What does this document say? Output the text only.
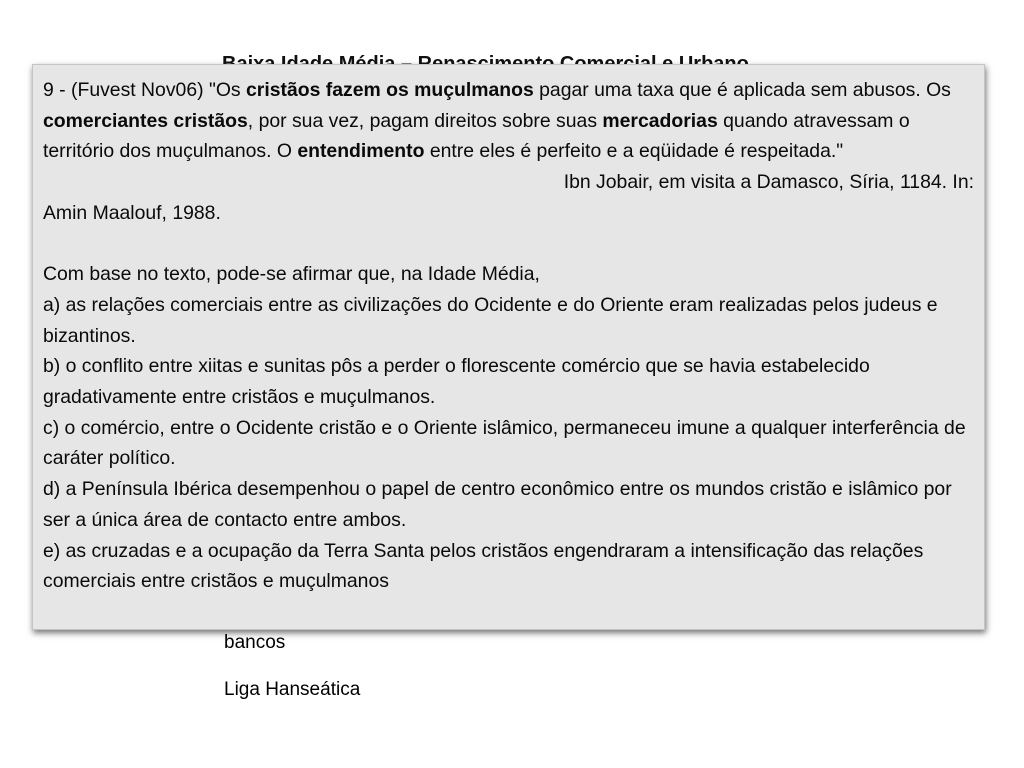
bancos
Liga Hanseática

9 - (Fuvest Nov06) "Os cristãos fazem os muçulmanos pagar uma taxa que é aplicada sem abusos. Os comerciantes cristãos, por sua vez, pagam direitos sobre suas mercadorias quando atravessam o território dos muçulmanos. O entendimento entre eles é perfeito e a eqüidade é respeitada."

Ibn Jobair, em visita a Damasco, Síria, 1184. In:

Amin Maalouf, 1988.

Com base no texto, pode-se afirmar que, na Idade Média,

a) as relações comerciais entre as civilizações do Ocidente e do Oriente eram realizadas pelos judeus e bizantinos.

b) o conflito entre xiitas e sunitas pôs a perder o florescente comércio que se havia estabelecido gradativamente entre cristãos e muçulmanos.

c) o comércio, entre o Ocidente cristão e o Oriente islâmico, permaneceu imune a qualquer interferência de caráter político.

d) a Península Ibérica desempenhou o papel de centro econômico entre os mundos cristão e islâmico por ser a única área de contacto entre ambos.

e) as cruzadas e a ocupação da Terra Santa pelos cristãos engendraram a intensificação das relações comerciais entre cristãos e muçulmanos
